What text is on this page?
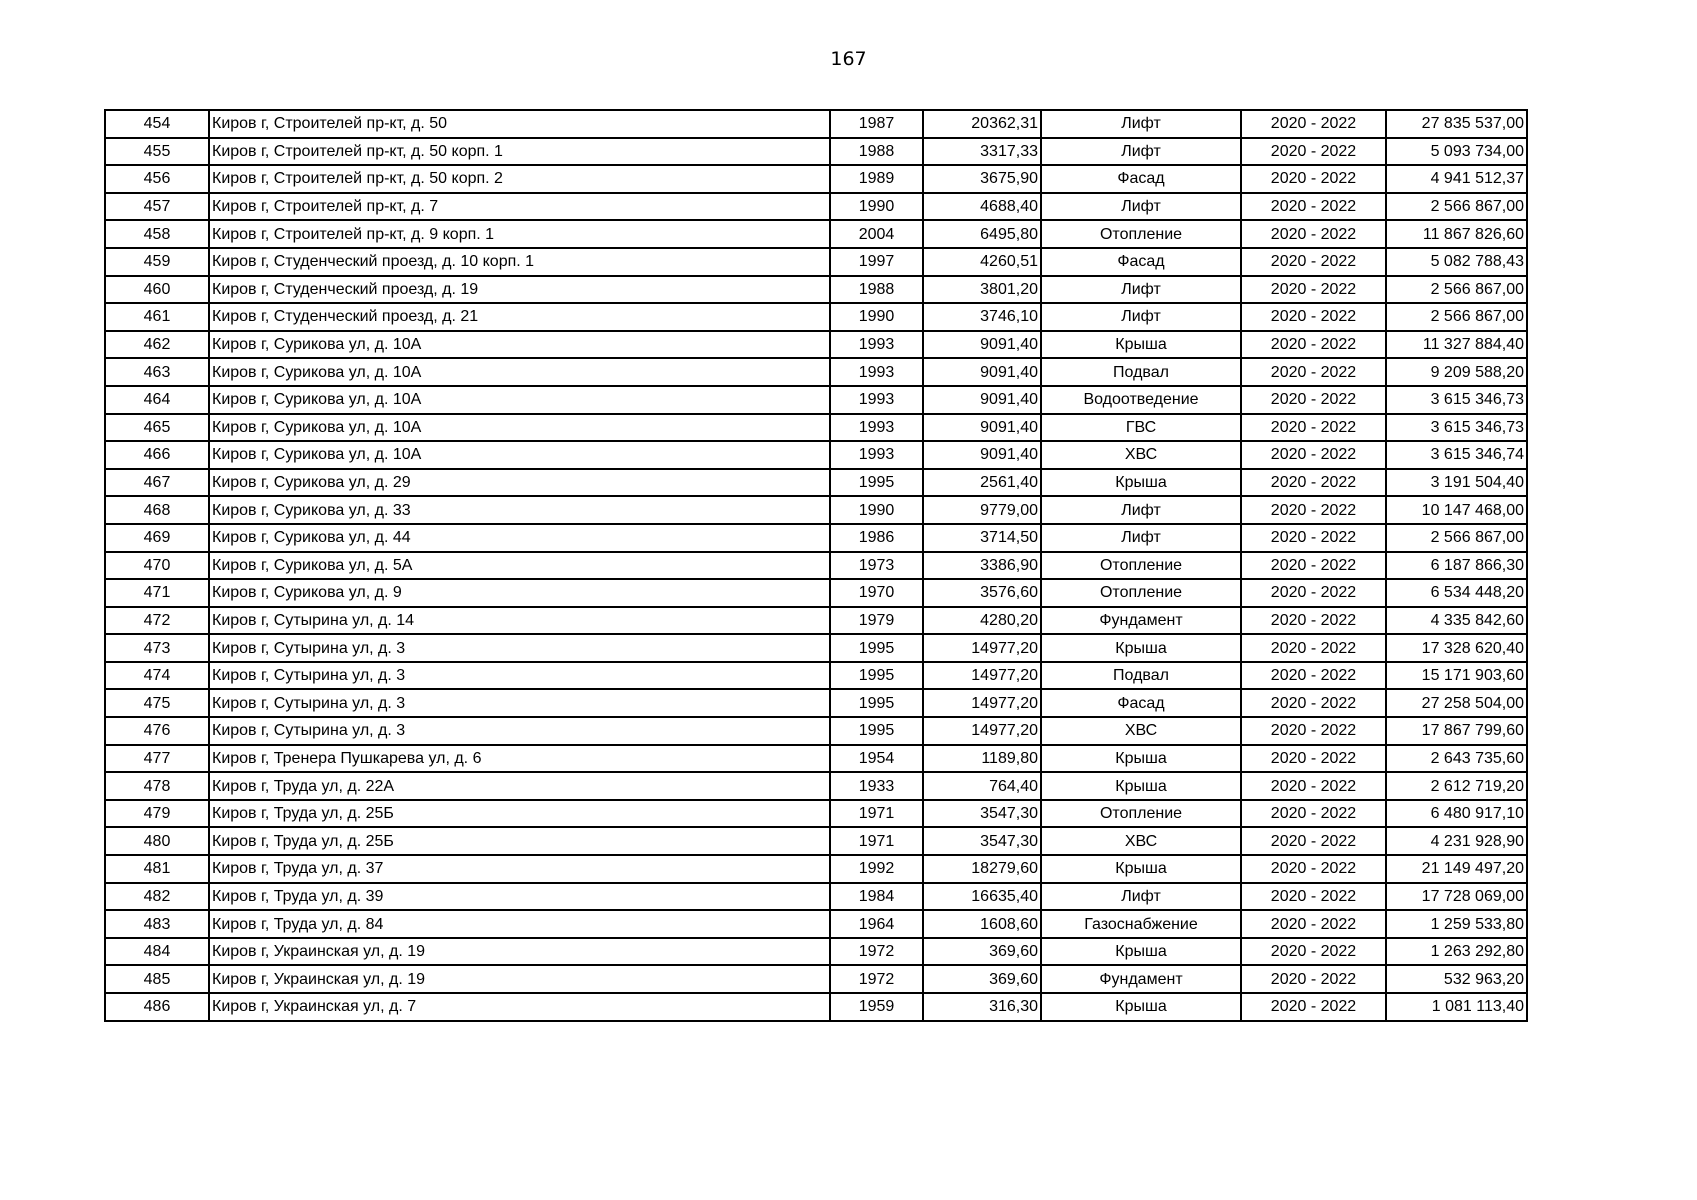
167
454	Киров г, Строителей пр-кт, д. 50	1987	20362,31	Лифт	2020 - 2022	27 835 537,00
455	Киров г, Строителей пр-кт, д. 50 корп. 1	1988	3317,33	Лифт	2020 - 2022	5 093 734,00
456	Киров г, Строителей пр-кт, д. 50 корп. 2	1989	3675,90	Фасад	2020 - 2022	4 941 512,37
457	Киров г, Строителей пр-кт, д. 7	1990	4688,40	Лифт	2020 - 2022	2 566 867,00
458	Киров г, Строителей пр-кт, д. 9 корп. 1	2004	6495,80	Отопление	2020 - 2022	11 867 826,60
459	Киров г, Студенческий проезд, д. 10 корп. 1	1997	4260,51	Фасад	2020 - 2022	5 082 788,43
460	Киров г, Студенческий проезд, д. 19	1988	3801,20	Лифт	2020 - 2022	2 566 867,00
461	Киров г, Студенческий проезд, д. 21	1990	3746,10	Лифт	2020 - 2022	2 566 867,00
462	Киров г, Сурикова ул, д. 10А	1993	9091,40	Крыша	2020 - 2022	11 327 884,40
463	Киров г, Сурикова ул, д. 10А	1993	9091,40	Подвал	2020 - 2022	9 209 588,20
464	Киров г, Сурикова ул, д. 10А	1993	9091,40	Водоотведение	2020 - 2022	3 615 346,73
465	Киров г, Сурикова ул, д. 10А	1993	9091,40	ГВС	2020 - 2022	3 615 346,73
466	Киров г, Сурикова ул, д. 10А	1993	9091,40	ХВС	2020 - 2022	3 615 346,74
467	Киров г, Сурикова ул, д. 29	1995	2561,40	Крыша	2020 - 2022	3 191 504,40
468	Киров г, Сурикова ул, д. 33	1990	9779,00	Лифт	2020 - 2022	10 147 468,00
469	Киров г, Сурикова ул, д. 44	1986	3714,50	Лифт	2020 - 2022	2 566 867,00
470	Киров г, Сурикова ул, д. 5А	1973	3386,90	Отопление	2020 - 2022	6 187 866,30
471	Киров г, Сурикова ул, д. 9	1970	3576,60	Отопление	2020 - 2022	6 534 448,20
472	Киров г, Сутырина ул, д. 14	1979	4280,20	Фундамент	2020 - 2022	4 335 842,60
473	Киров г, Сутырина ул, д. 3	1995	14977,20	Крыша	2020 - 2022	17 328 620,40
474	Киров г, Сутырина ул, д. 3	1995	14977,20	Подвал	2020 - 2022	15 171 903,60
475	Киров г, Сутырина ул, д. 3	1995	14977,20	Фасад	2020 - 2022	27 258 504,00
476	Киров г, Сутырина ул, д. 3	1995	14977,20	ХВС	2020 - 2022	17 867 799,60
477	Киров г, Тренера Пушкарева ул, д. 6	1954	1189,80	Крыша	2020 - 2022	2 643 735,60
478	Киров г, Труда ул, д. 22А	1933	764,40	Крыша	2020 - 2022	2 612 719,20
479	Киров г, Труда ул, д. 25Б	1971	3547,30	Отопление	2020 - 2022	6 480 917,10
480	Киров г, Труда ул, д. 25Б	1971	3547,30	ХВС	2020 - 2022	4 231 928,90
481	Киров г, Труда ул, д. 37	1992	18279,60	Крыша	2020 - 2022	21 149 497,20
482	Киров г, Труда ул, д. 39	1984	16635,40	Лифт	2020 - 2022	17 728 069,00
483	Киров г, Труда ул, д. 84	1964	1608,60	Газоснабжение	2020 - 2022	1 259 533,80
484	Киров г, Украинская ул, д. 19	1972	369,60	Крыша	2020 - 2022	1 263 292,80
485	Киров г, Украинская ул, д. 19	1972	369,60	Фундамент	2020 - 2022	532 963,20
486	Киров г, Украинская ул, д. 7	1959	316,30	Крыша	2020 - 2022	1 081 113,40
